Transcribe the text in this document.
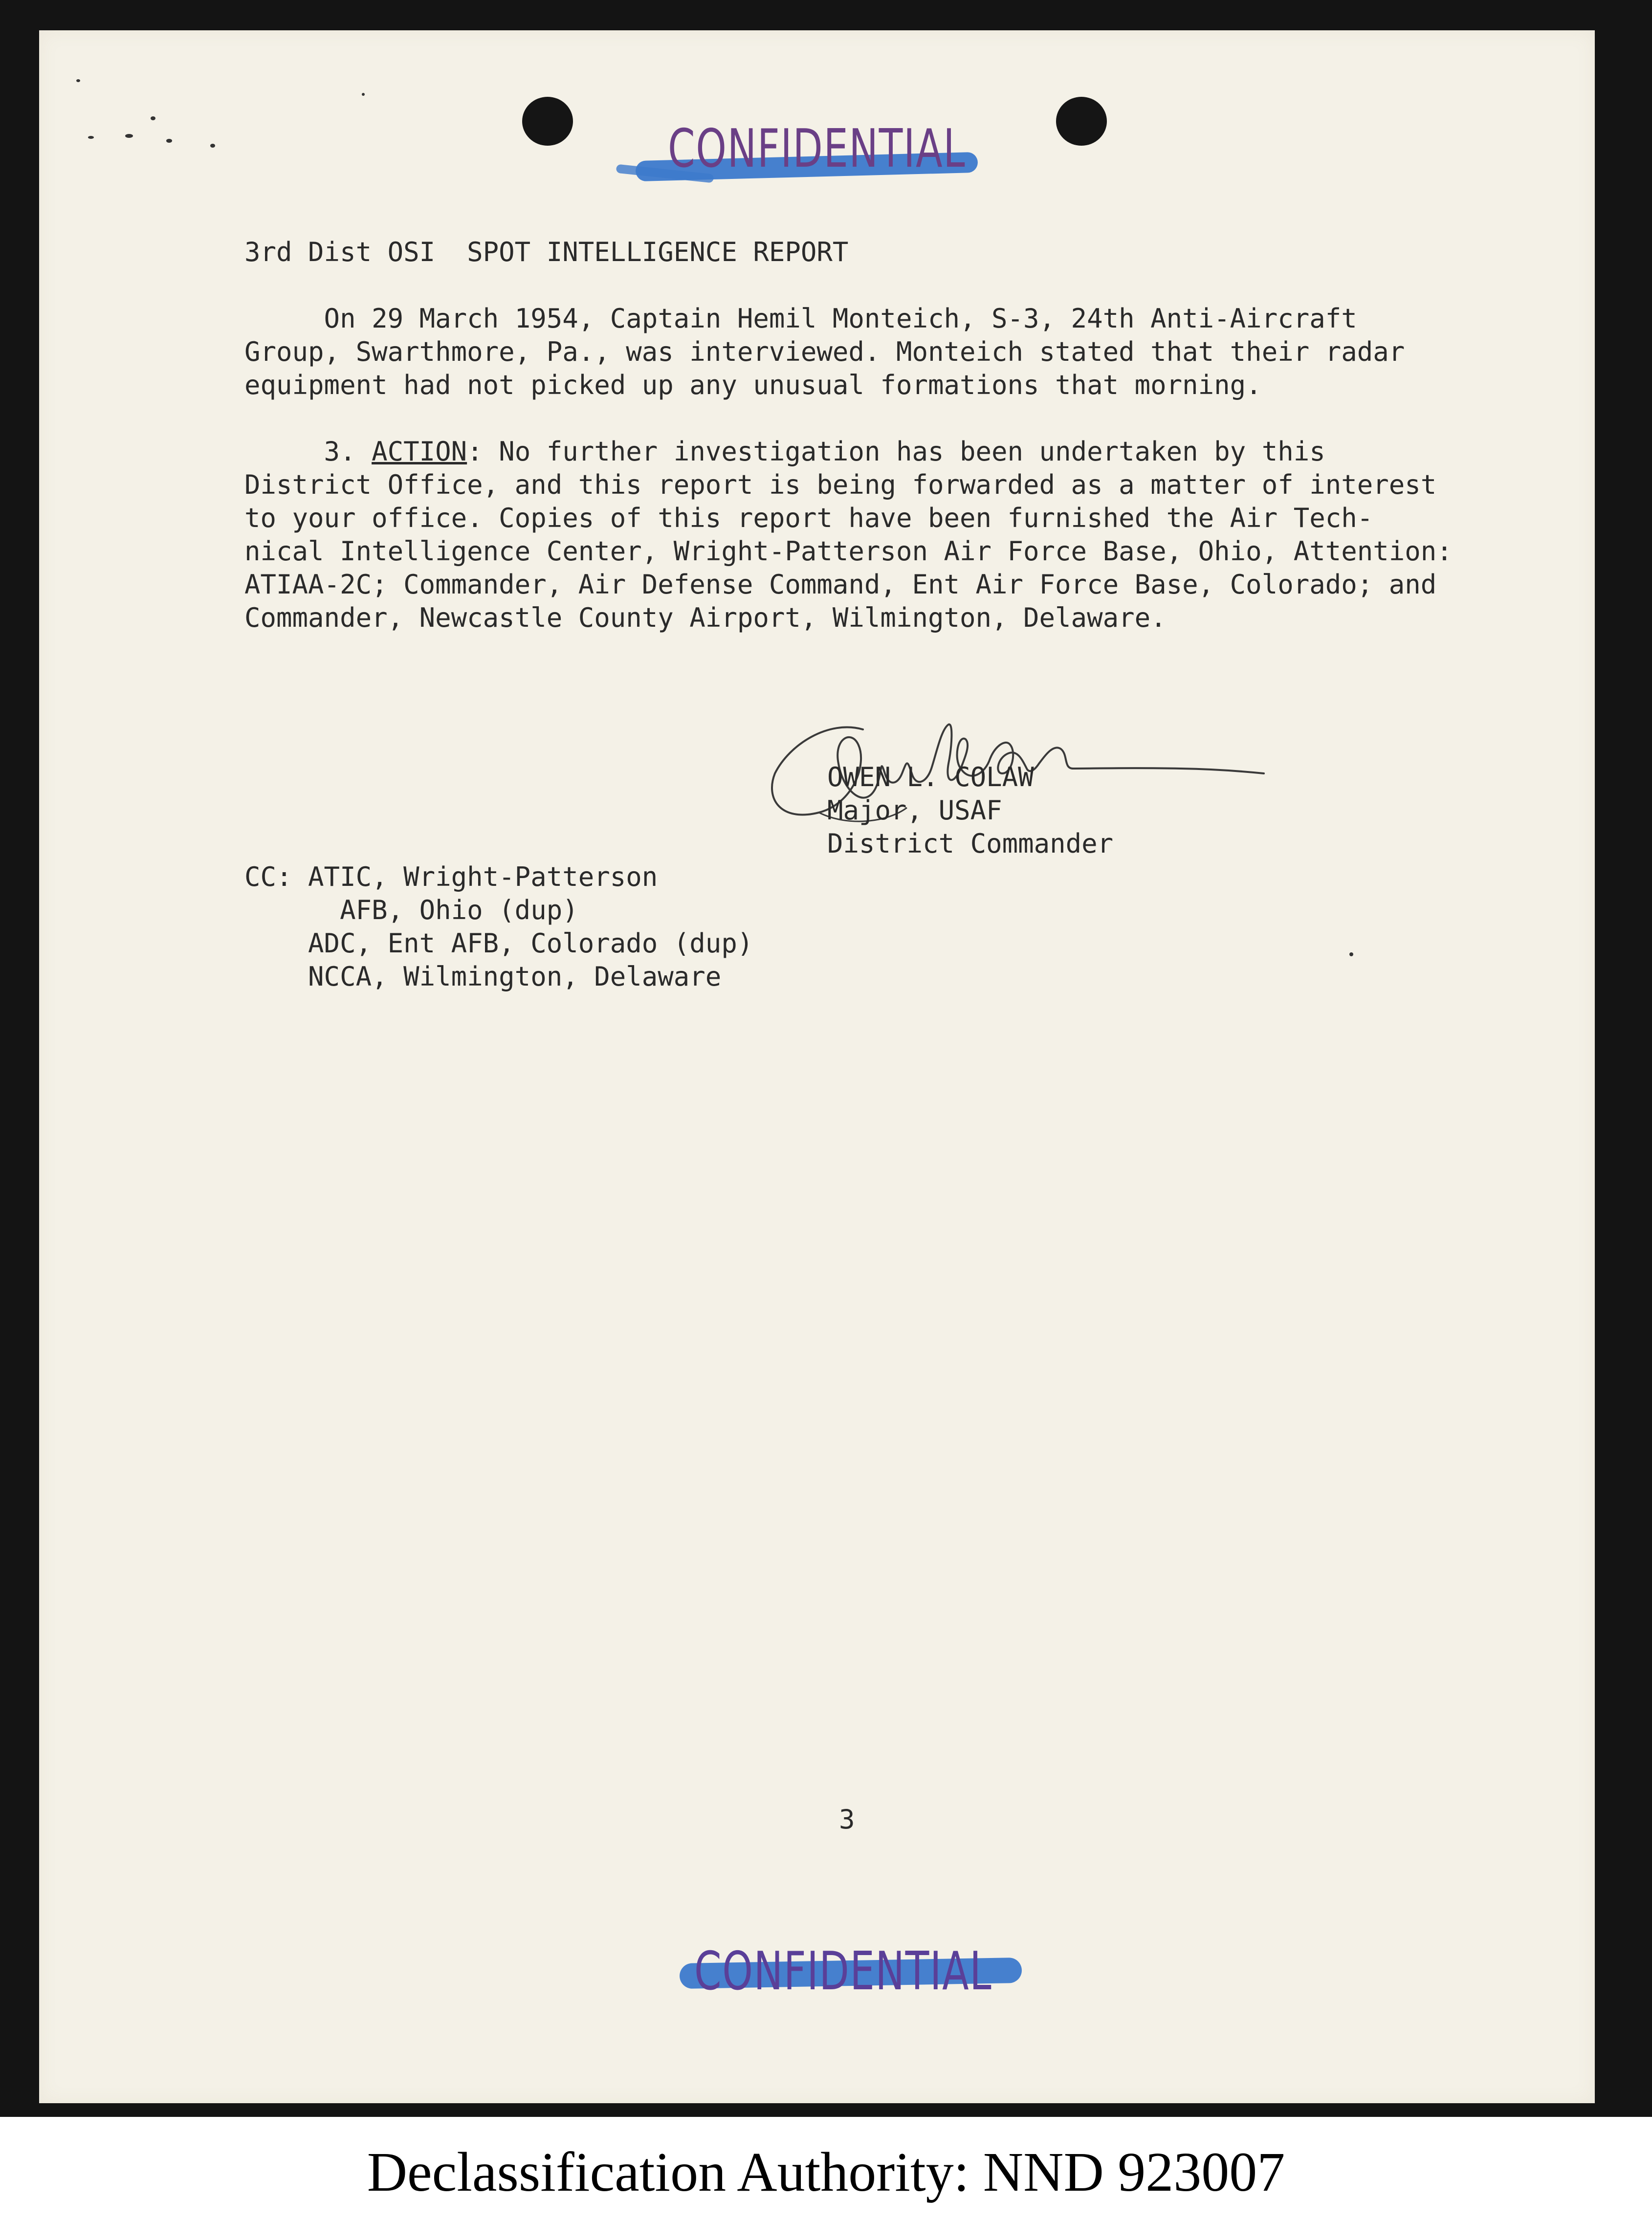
CONFIDENTIAL
3rd Dist OSI  SPOT INTELLIGENCE REPORT
On 29 March 1954, Captain Hemil Monteich, S-3, 24th Anti-Aircraft
Group, Swarthmore, Pa., was interviewed. Monteich stated that their radar
equipment had not picked up any unusual formations that morning.
3. ACTION: No further investigation has been undertaken by this
District Office, and this report is being forwarded as a matter of interest
to your office. Copies of this report have been furnished the Air Tech-
nical Intelligence Center, Wright-Patterson Air Force Base, Ohio, Attention:
ATIAA-2C; Commander, Air Defense Command, Ent Air Force Base, Colorado; and
Commander, Newcastle County Airport, Wilmington, Delaware.
OWEN L. COLAW
Major, USAF
District Commander
CC: ATIC, Wright-Patterson
AFB, Ohio (dup)
ADC, Ent AFB, Colorado (dup)
NCCA, Wilmington, Delaware
3
CONFIDENTIAL
Declassification Authority: NND 923007
